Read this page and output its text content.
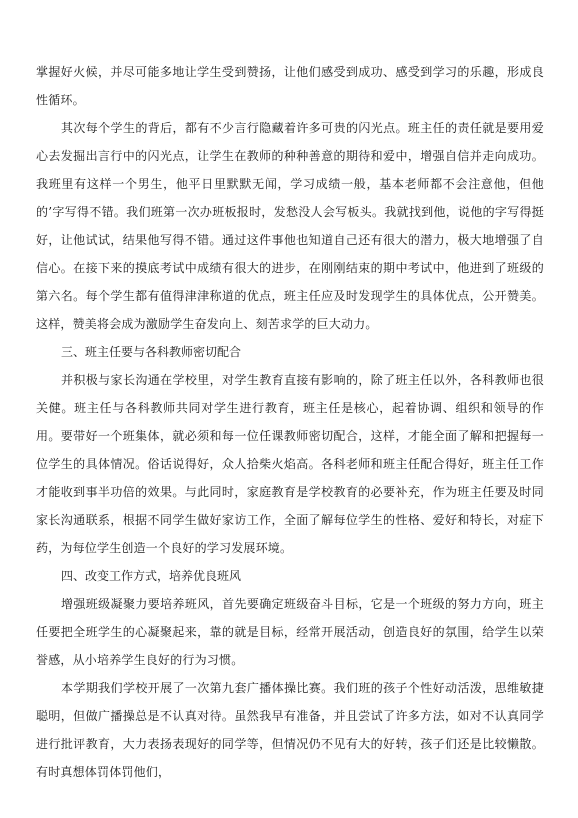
掌握好火候，并尽可能多地让学生受到赞扬，让他们感受到成功、感受到学习的乐趣，形成良性循环。

其次每个学生的背后，都有不少言行隐藏着许多可贵的闪光点。班主任的责任就是要用爱心去发掘出言行中的闪光点，让学生在教师的种种善意的期待和爱中，增强自信并走向成功。我班里有这样一个男生，他平日里默默无闻，学习成绩一般，基本老师都不会注意他，但他的’字写得不错。我们班第一次办班板报时，发愁没人会写板头。我就找到他，说他的字写得挺好，让他试试，结果他写得不错。通过这件事他也知道自己还有很大的潜力，极大地增强了自信心。在接下来的摸底考试中成绩有很大的进步，在刚刚结束的期中考试中，他进到了班级的第六名。每个学生都有值得津津称道的优点，班主任应及时发现学生的具体优点，公开赞美。这样，赞美将会成为激励学生奋发向上、刻苦求学的巨大动力。

三、班主任要与各科教师密切配合

并积极与家长沟通在学校里，对学生教育直接有影响的，除了班主任以外，各科教师也很关健。班主任与各科教师共同对学生进行教育，班主任是核心，起着协调、组织和领导的作用。要带好一个班集体，就必须和每一位任课教师密切配合，这样，才能全面了解和把握每一位学生的具体情况。俗话说得好，众人拾柴火焰高。各科老师和班主任配合得好，班主任工作才能收到事半功倍的效果。与此同时，家庭教育是学校教育的必要补充，作为班主任要及时同家长沟通联系，根据不同学生做好家访工作，全面了解每位学生的性格、爱好和特长，对症下药，为每位学生创造一个良好的学习发展环境。

四、改变工作方式，培养优良班风

增强班级凝聚力要培养班风，首先要确定班级奋斗目标，它是一个班级的努力方向，班主任要把全班学生的心凝聚起来，靠的就是目标，经常开展活动，创造良好的氛围，给学生以荣誉感，从小培养学生良好的行为习惯。

本学期我们学校开展了一次第九套广播体操比赛。我们班的孩子个性好动活泼，思维敏捷聪明，但做广播操总是不认真对待。虽然我早有准备，并且尝试了许多方法，如对不认真同学进行批评教育，大力表扬表现好的同学等，但情况仍不见有大的好转，孩子们还是比较懒散。有时真想体罚体罚他们，
